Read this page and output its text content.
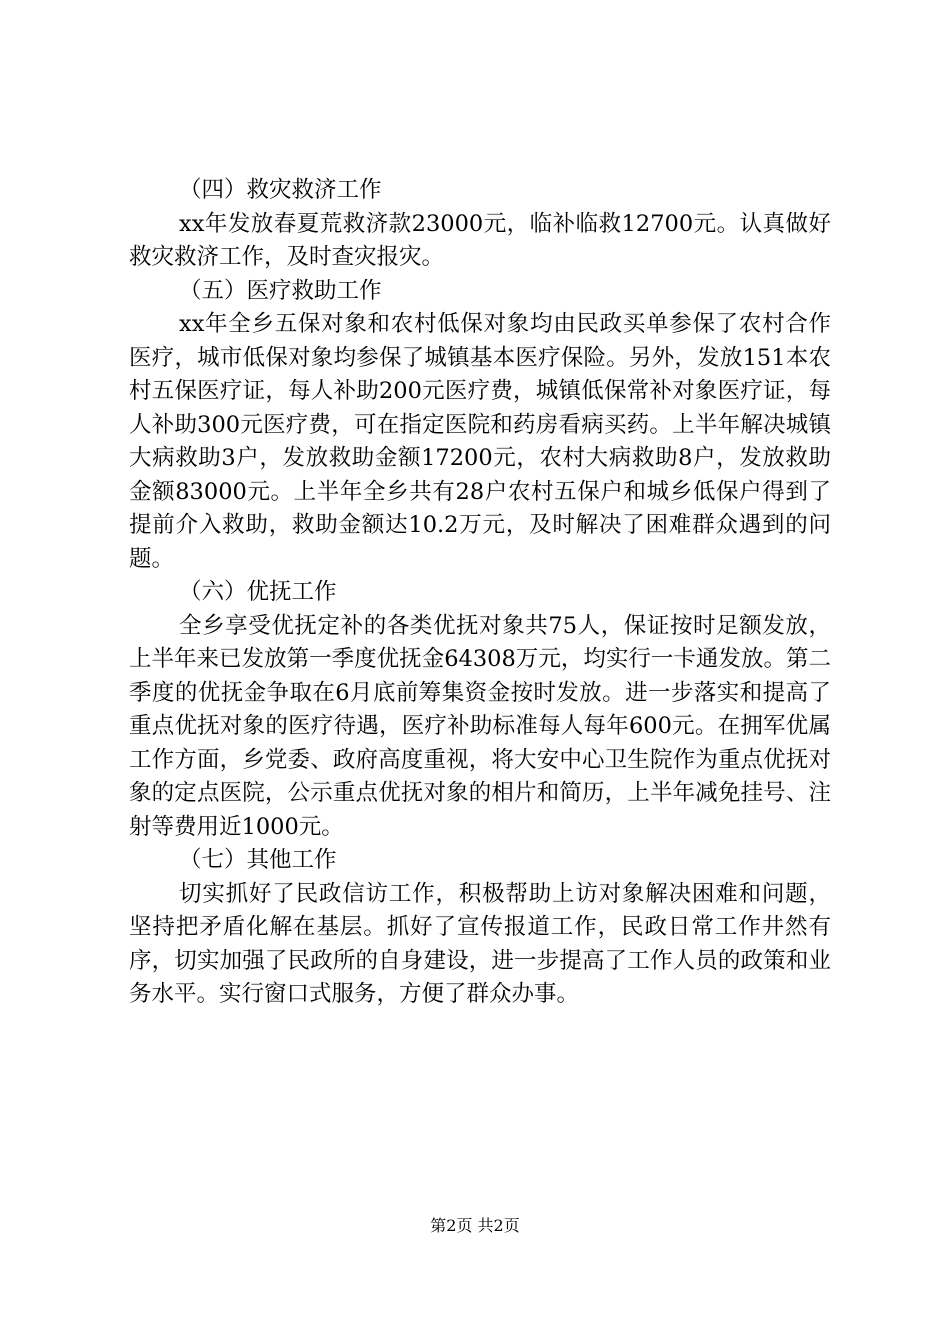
（四）救灾救济工作

xx年发放春夏荒救济款23000元，临补临救12700元。认真做好救灾救济工作，及时查灾报灾。

（五）医疗救助工作

xx年全乡五保对象和农村低保对象均由民政买单参保了农村合作医疗，城市低保对象均参保了城镇基本医疗保险。另外，发放151本农村五保医疗证，每人补助200元医疗费，城镇低保常补对象医疗证，每人补助300元医疗费，可在指定医院和药房看病买药。上半年解决城镇大病救助3户，发放救助金额17200元，农村大病救助8户，发放救助金额83000元。上半年全乡共有28户农村五保户和城乡低保户得到了提前介入救助，救助金额达10.2万元，及时解决了困难群众遇到的问题。

（六）优抚工作

全乡享受优抚定补的各类优抚对象共75人，保证按时足额发放，上半年来已发放第一季度优抚金64308万元，均实行一卡通发放。第二季度的优抚金争取在6月底前筹集资金按时发放。进一步落实和提高了重点优抚对象的医疗待遇，医疗补助标准每人每年600元。在拥军优属工作方面，乡党委、政府高度重视，将大安中心卫生院作为重点优抚对象的定点医院，公示重点优抚对象的相片和简历，上半年减免挂号、注射等费用近1000元。

（七）其他工作

切实抓好了民政信访工作，积极帮助上访对象解决困难和问题，坚持把矛盾化解在基层。抓好了宣传报道工作，民政日常工作井然有序，切实加强了民政所的自身建设，进一步提高了工作人员的政策和业务水平。实行窗口式服务，方便了群众办事。

第2页 共2页
